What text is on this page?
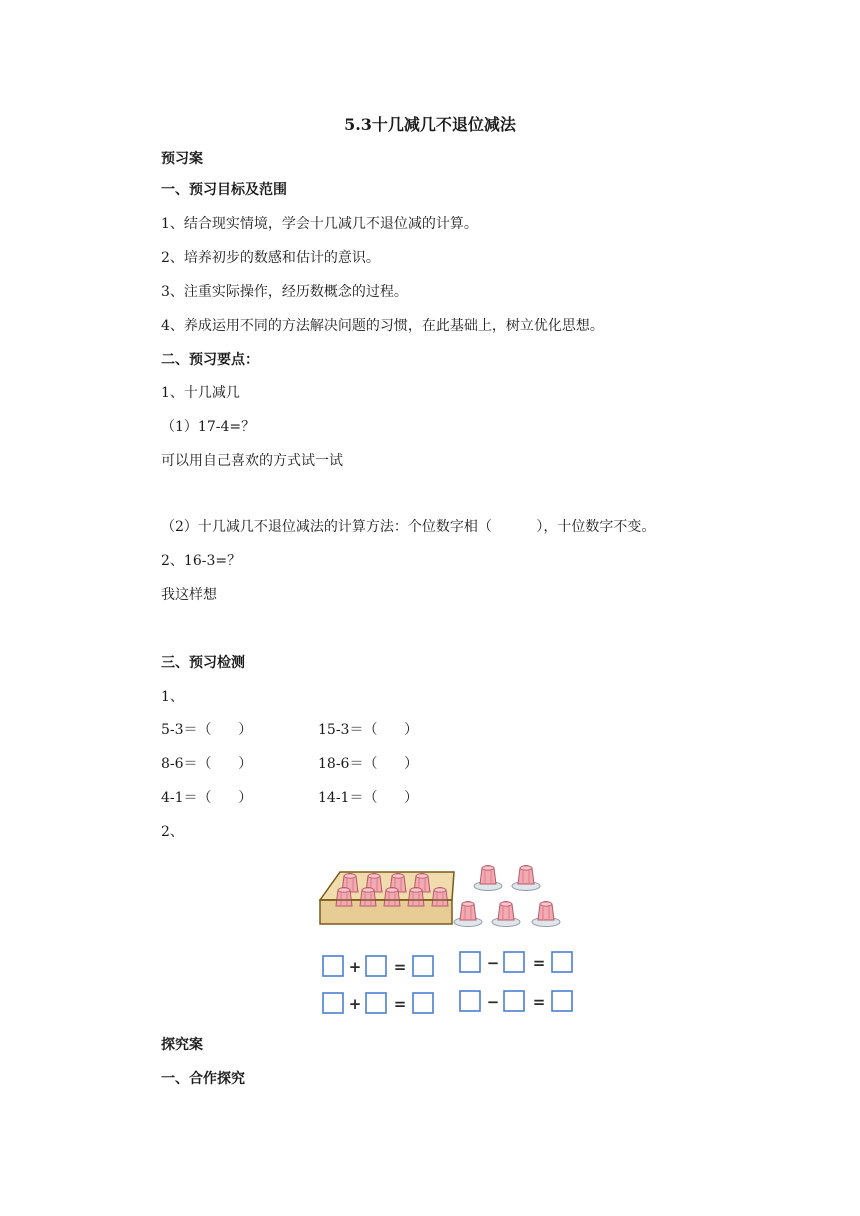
5.3十几减几不退位减法
预习案
一、预习目标及范围
1、结合现实情境，学会十几减几不退位减的计算。
2、培养初步的数感和估计的意识。
3、注重实际操作，经历数概念的过程。
4、养成运用不同的方法解决问题的习惯，在此基础上，树立优化思想。
二、预习要点：
1、十几减几
（1）17-4=？
可以用自己喜欢的方式试一试
（2）十几减几不退位减法的计算方法：个位数字相（          ），十位数字不变。
2、16-3=？
我这样想
三、预习检测
1、
5-3＝（      ）
8-6＝（      ）
4-1＝（      ）
15-3＝（      ）
18-6＝（      ）
14-1＝（      ）
2、
+ =	− =
+ =	− =
探究案
一、合作探究
